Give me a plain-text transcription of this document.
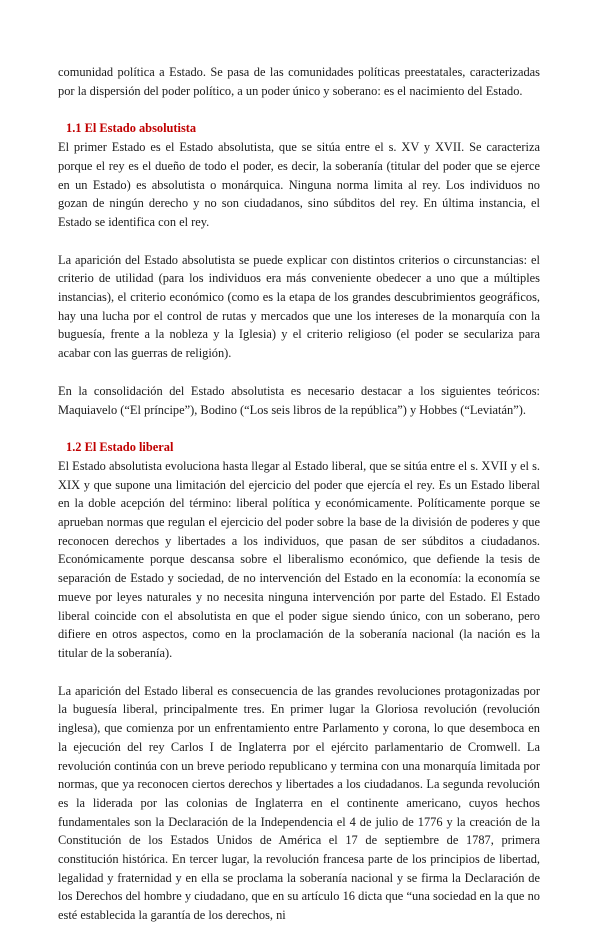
comunidad política a Estado. Se pasa de las comunidades políticas preestatales, caracterizadas por la dispersión del poder político, a un poder único y soberano: es el nacimiento del Estado.

1.1 El Estado absolutista

El primer Estado es el Estado absolutista, que se sitúa entre el s. XV y XVII. Se caracteriza porque el rey es el dueño de todo el poder, es decir, la soberanía (titular del poder que se ejerce en un Estado) es absolutista o monárquica. Ninguna norma limita al rey. Los individuos no gozan de ningún derecho y no son ciudadanos, sino súbditos del rey. En última instancia, el Estado se identifica con el rey.

La aparición del Estado absolutista se puede explicar con distintos criterios o circunstancias: el criterio de utilidad (para los individuos era más conveniente obedecer a uno que a múltiples instancias), el criterio económico (como es la etapa de los grandes descubrimientos geográficos, hay una lucha por el control de rutas y mercados que une los intereses de la monarquía con la buguesía, frente a la nobleza y la Iglesia) y el criterio religioso (el poder se seculariza para acabar con las guerras de religión).

En la consolidación del Estado absolutista es necesario destacar a los siguientes teóricos: Maquiavelo (“El príncipe”), Bodino (“Los seis libros de la república”) y Hobbes (“Leviatán”).

1.2 El Estado liberal

El Estado absolutista evoluciona hasta llegar al Estado liberal, que se sitúa entre el s. XVII y el s. XIX y que supone una limitación del ejercicio del poder que ejercía el rey. Es un Estado liberal en la doble acepción del término: liberal política y económicamente. Políticamente porque se aprueban normas que regulan el ejercicio del poder sobre la base de la división de poderes y que reconocen derechos y libertades a los individuos, que pasan de ser súbditos a ciudadanos. Económicamente porque descansa sobre el liberalismo económico, que defiende la tesis de separación de Estado y sociedad, de no intervención del Estado en la economía: la economía se mueve por leyes naturales y no necesita ninguna intervención por parte del Estado. El Estado liberal coincide con el absolutista en que el poder sigue siendo único, con un soberano, pero difiere en otros aspectos, como en la proclamación de la soberanía nacional (la nación es la titular de la soberanía).

La aparición del Estado liberal es consecuencia de las grandes revoluciones protagonizadas por la buguesía liberal, principalmente tres. En primer lugar la Gloriosa revolución (revolución inglesa), que comienza por un enfrentamiento entre Parlamento y corona, lo que desemboca en la ejecución del rey Carlos I de Inglaterra por el ejército parlamentario de Cromwell. La revolución continúa con un breve periodo republicano y termina con una monarquía limitada por normas, que ya reconocen ciertos derechos y libertades a los ciudadanos. La segunda revolución es la liderada por las colonias de Inglaterra en el continente americano, cuyos hechos fundamentales son la Declaración de la Independencia el 4 de julio de 1776 y la creación de la Constitución de los Estados Unidos de América el 17 de septiembre de 1787, primera constitución histórica. En tercer lugar, la revolución francesa parte de los principios de libertad, legalidad y fraternidad y en ella se proclama la soberanía nacional y se firma la Declaración de los Derechos del hombre y ciudadano, que en su artículo 16 dicta que “una sociedad en la que no esté establecida la garantía de los derechos, ni
